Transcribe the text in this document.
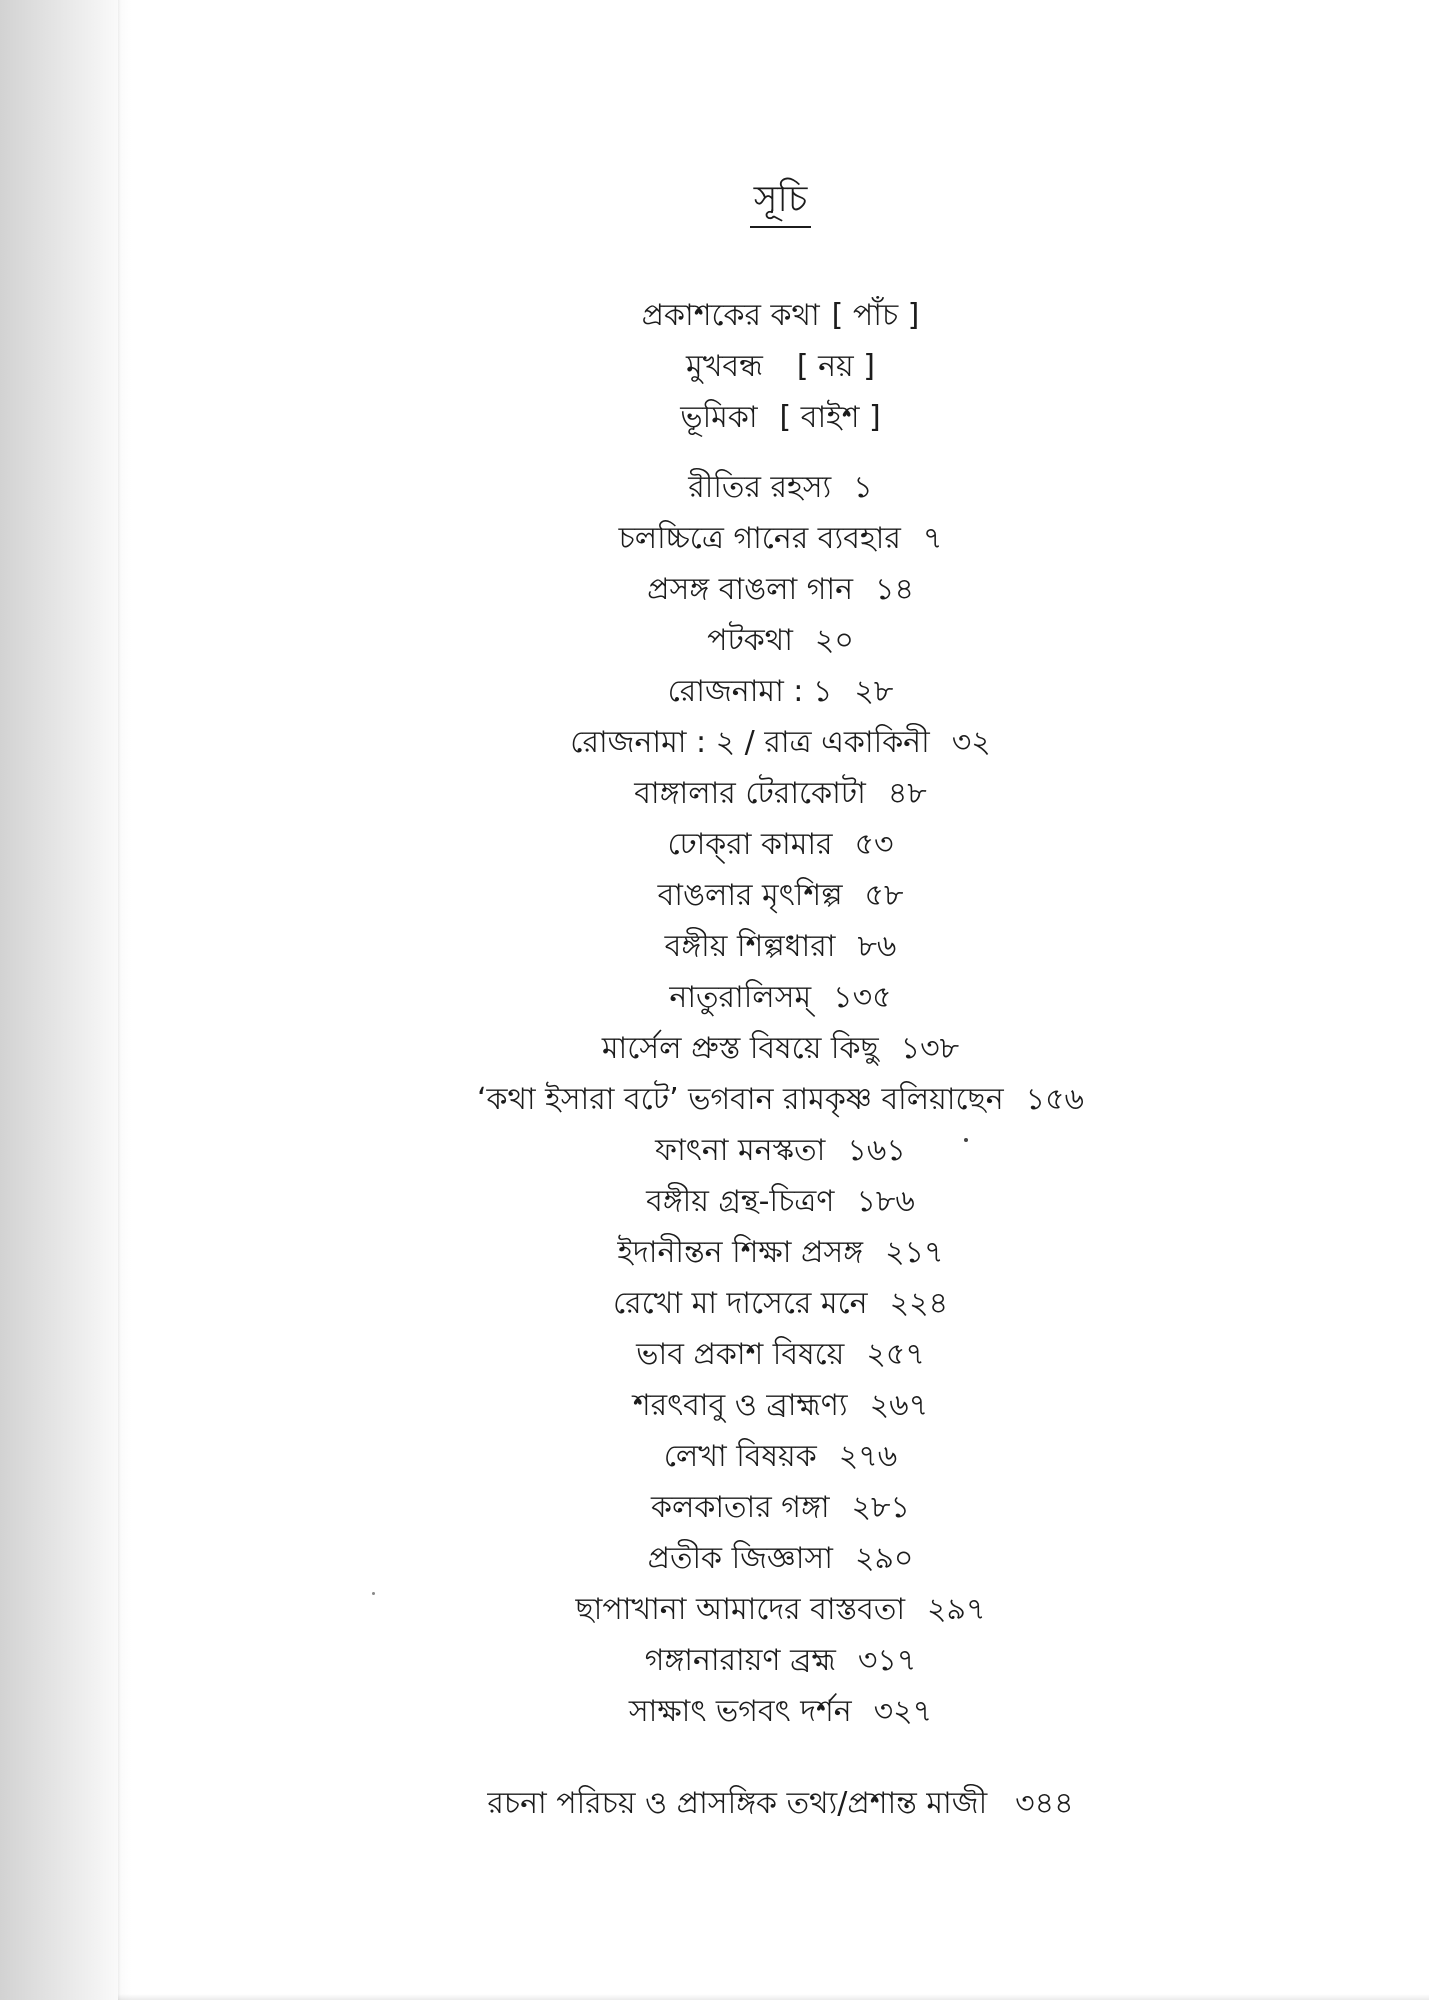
সূচি
প্রকাশকের কথা [ পাঁচ ]
মুখবন্ধ [ নয় ]
ভূমিকা [ বাইশ ]
রীতির রহস্য ১
চলচ্চিত্রে গানের ব্যবহার ৭
প্রসঙ্গ বাঙলা গান ১৪
পটকথা ২০
রোজনামা : ১ ২৮
রোজনামা : ২ / রাত্র একাকিনী ৩২
বাঙ্গালার টেরাকোটা ৪৮
ঢোক্‌রা কামার ৫৩
বাঙলার মৃৎশিল্প ৫৮
বঙ্গীয় শিল্পধারা ৮৬
নাতুরালিসম্‌ ১৩৫
মার্সেল প্রুস্ত বিষয়ে কিছু ১৩৮
‘কথা ইসারা বটে’ ভগবান রামকৃষ্ণ বলিয়াছেন ১৫৬
ফাৎনা মনস্কতা ১৬১
বঙ্গীয় গ্রন্থ-চিত্রণ ১৮৬
ইদানীন্তন শিক্ষা প্রসঙ্গ ২১৭
রেখো মা দাসেরে মনে ২২৪
ভাব প্রকাশ বিষয়ে ২৫৭
শরৎবাবু ও ব্রাহ্মণ্য ২৬৭
লেখা বিষয়ক ২৭৬
কলকাতার গঙ্গা ২৮১
প্রতীক জিজ্ঞাসা ২৯০
ছাপাখানা আমাদের বাস্তবতা ২৯৭
গঙ্গানারায়ণ ব্রহ্ম ৩১৭
সাক্ষাৎ ভগবৎ দর্শন ৩২৭
রচনা পরিচয় ও প্রাসঙ্গিক তথ্য/প্রশান্ত মাজী ৩৪৪
